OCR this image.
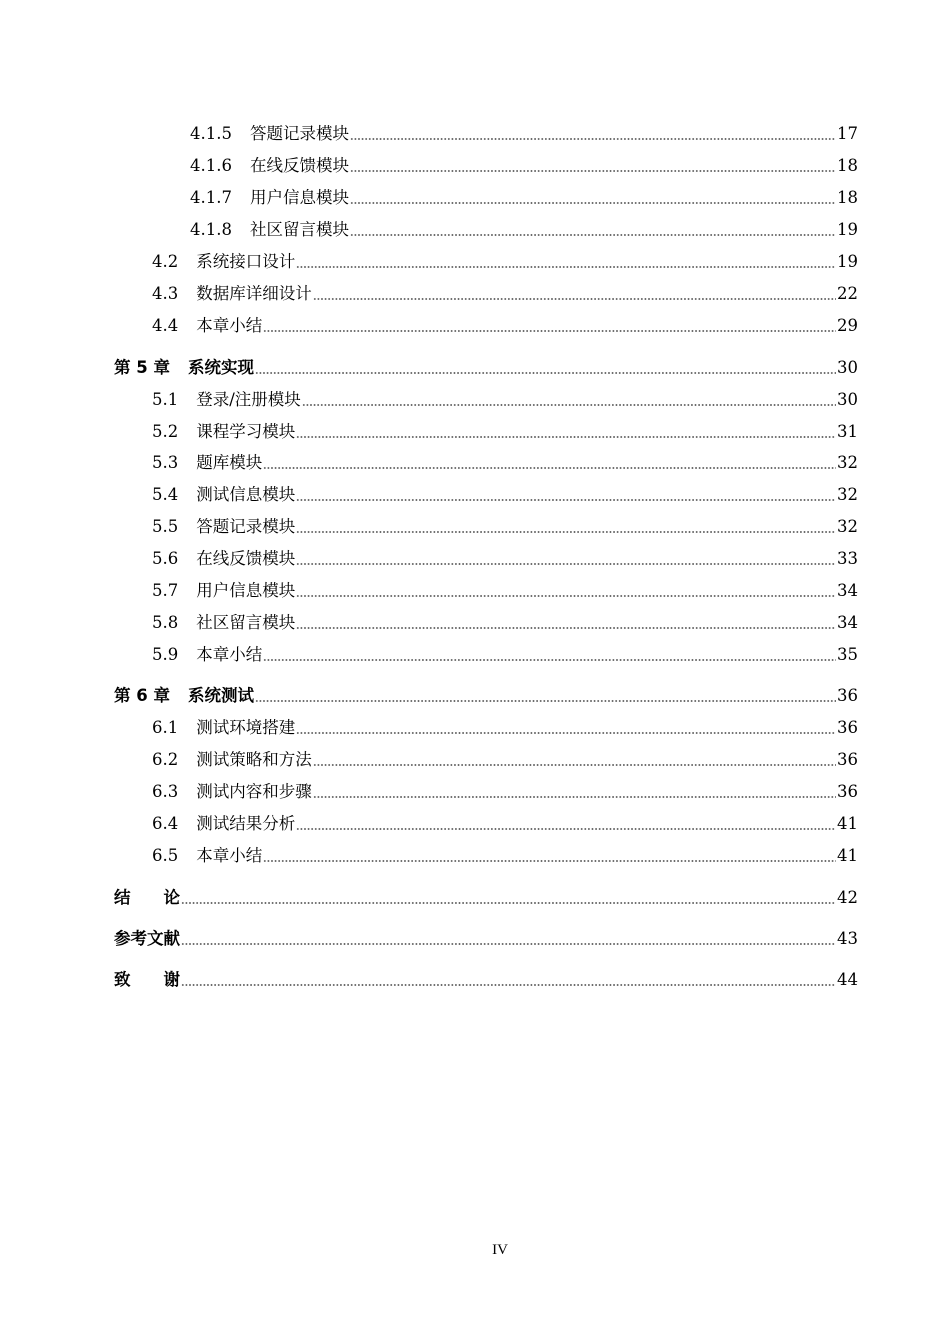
4.1.5	答题记录模块	17
4.1.6	在线反馈模块	18
4.1.7	用户信息模块	18
4.1.8	社区留言模块	19
4.2	系统接口设计	19
4.3	数据库详细设计	22
4.4	本章小结	29
第 5 章	系统实现	30
5.1	登录/注册模块	30
5.2	课程学习模块	31
5.3	题库模块	32
5.4	测试信息模块	32
5.5	答题记录模块	32
5.6	在线反馈模块	33
5.7	用户信息模块	34
5.8	社区留言模块	34
5.9	本章小结	35
第 6 章	系统测试	36
6.1	测试环境搭建	36
6.2	测试策略和方法	36
6.3	测试内容和步骤	36
6.4	测试结果分析	41
6.5	本章小结	41
结　　论	42
参考文献	43
致　　谢	44
IV
